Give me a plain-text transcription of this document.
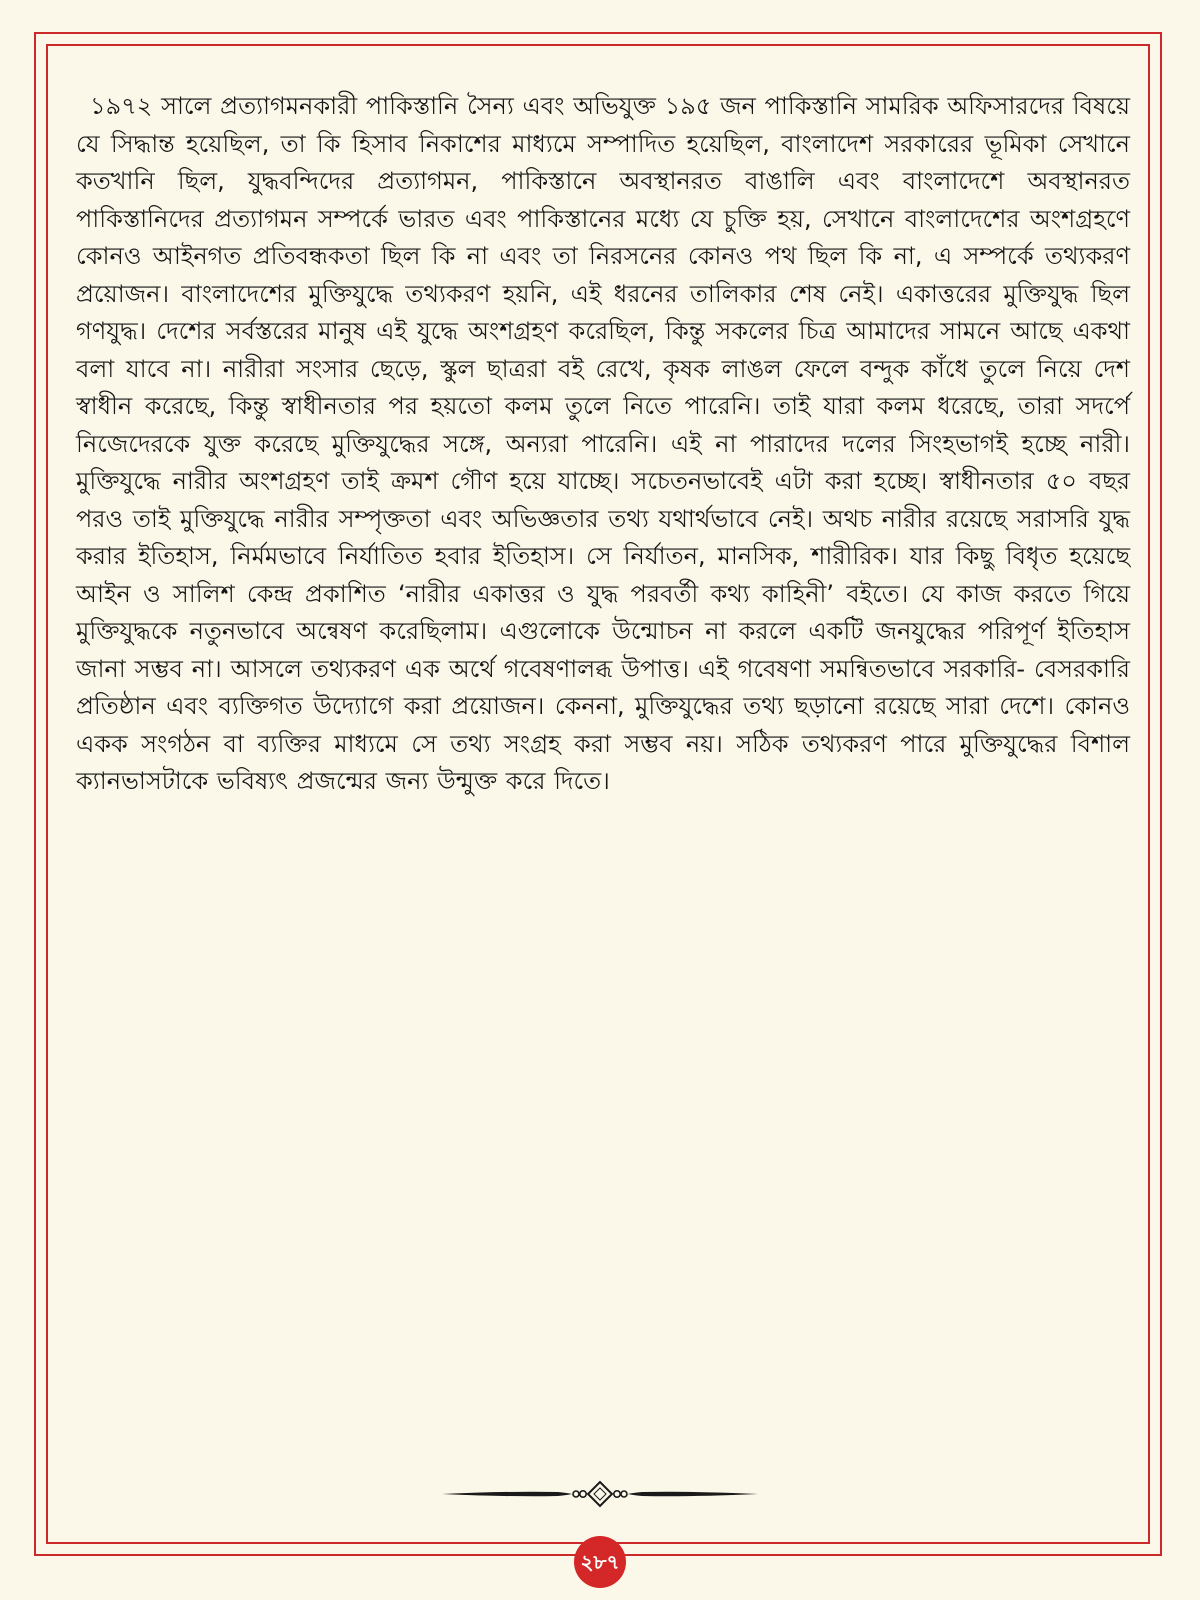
১৯৭২ সালে প্রত্যাগমনকারী পাকিস্তানি সৈন্য এবং অভিযুক্ত ১৯৫ জন পাকিস্তানি সামরিক অফিসারদের বিষয়ে যে সিদ্ধান্ত হয়েছিল, তা কি হিসাব নিকাশের মাধ্যমে সম্পাদিত হয়েছিল, বাংলাদেশ সরকারের ভূমিকা সেখানে কতখানি ছিল, যুদ্ধবন্দিদের প্রত্যাগমন, পাকিস্তানে অবস্থানরত বাঙালি এবং বাংলাদেশে অবস্থানরত পাকিস্তানিদের প্রত্যাগমন সম্পর্কে ভারত এবং পাকিস্তানের মধ্যে যে চুক্তি হয়, সেখানে বাংলাদেশের অংশগ্রহণে কোনও আইনগত প্রতিবন্ধকতা ছিল কি না এবং তা নিরসনের কোনও পথ ছিল কি না, এ সম্পর্কে তথ্যকরণ প্রয়োজন। বাংলাদেশের মুক্তিযুদ্ধে তথ্যকরণ হয়নি, এই ধরনের তালিকার শেষ নেই। একাত্তরের মুক্তিযুদ্ধ ছিল গণযুদ্ধ। দেশের সর্বস্তরের মানুষ এই যুদ্ধে অংশগ্রহণ করেছিল, কিন্তু সকলের চিত্র আমাদের সামনে আছে একথা বলা যাবে না। নারীরা সংসার ছেড়ে, স্কুল ছাত্ররা বই রেখে, কৃষক লাঙল ফেলে বন্দুক কাঁধে তুলে নিয়ে দেশ স্বাধীন করেছে, কিন্তু স্বাধীনতার পর হয়তো কলম তুলে নিতে পারেনি। তাই যারা কলম ধরেছে, তারা সদর্পে নিজেদেরকে যুক্ত করেছে মুক্তিযুদ্ধের সঙ্গে, অন্যরা পারেনি। এই না পারাদের দলের সিংহভাগই হচ্ছে নারী। মুক্তিযুদ্ধে নারীর অংশগ্রহণ তাই ক্রমশ গৌণ হয়ে যাচ্ছে। সচেতনভাবেই এটা করা হচ্ছে। স্বাধীনতার ৫০ বছর পরও তাই মুক্তিযুদ্ধে নারীর সম্পৃক্ততা এবং অভিজ্ঞতার তথ্য যথার্থভাবে নেই। অথচ নারীর রয়েছে সরাসরি যুদ্ধ করার ইতিহাস, নির্মমভাবে নির্যাতিত হবার ইতিহাস। সে নির্যাতন, মানসিক, শারীরিক। যার কিছু বিধৃত হয়েছে আইন ও সালিশ কেন্দ্র প্রকাশিত ‘নারীর একাত্তর ও যুদ্ধ পরবর্তী কথ্য কাহিনী’ বইতে। যে কাজ করতে গিয়ে মুক্তিযুদ্ধকে নতুনভাবে অন্বেষণ করেছিলাম। এগুলোকে উন্মোচন না করলে একটি জনযুদ্ধের পরিপূর্ণ ইতিহাস জানা সম্ভব না। আসলে তথ্যকরণ এক অর্থে গবেষণালব্ধ উপাত্ত। এই গবেষণা সমন্বিতভাবে সরকারি- বেসরকারি প্রতিষ্ঠান এবং ব্যক্তিগত উদ্যোগে করা প্রয়োজন। কেননা, মুক্তিযুদ্ধের তথ্য ছড়ানো রয়েছে সারা দেশে। কোনও একক সংগঠন বা ব্যক্তির মাধ্যমে সে তথ্য সংগ্রহ করা সম্ভব নয়। সঠিক তথ্যকরণ পারে মুক্তিযুদ্ধের বিশাল ক্যানভাসটাকে ভবিষ্যৎ প্রজন্মের জন্য উন্মুক্ত করে দিতে।

২৮৭
